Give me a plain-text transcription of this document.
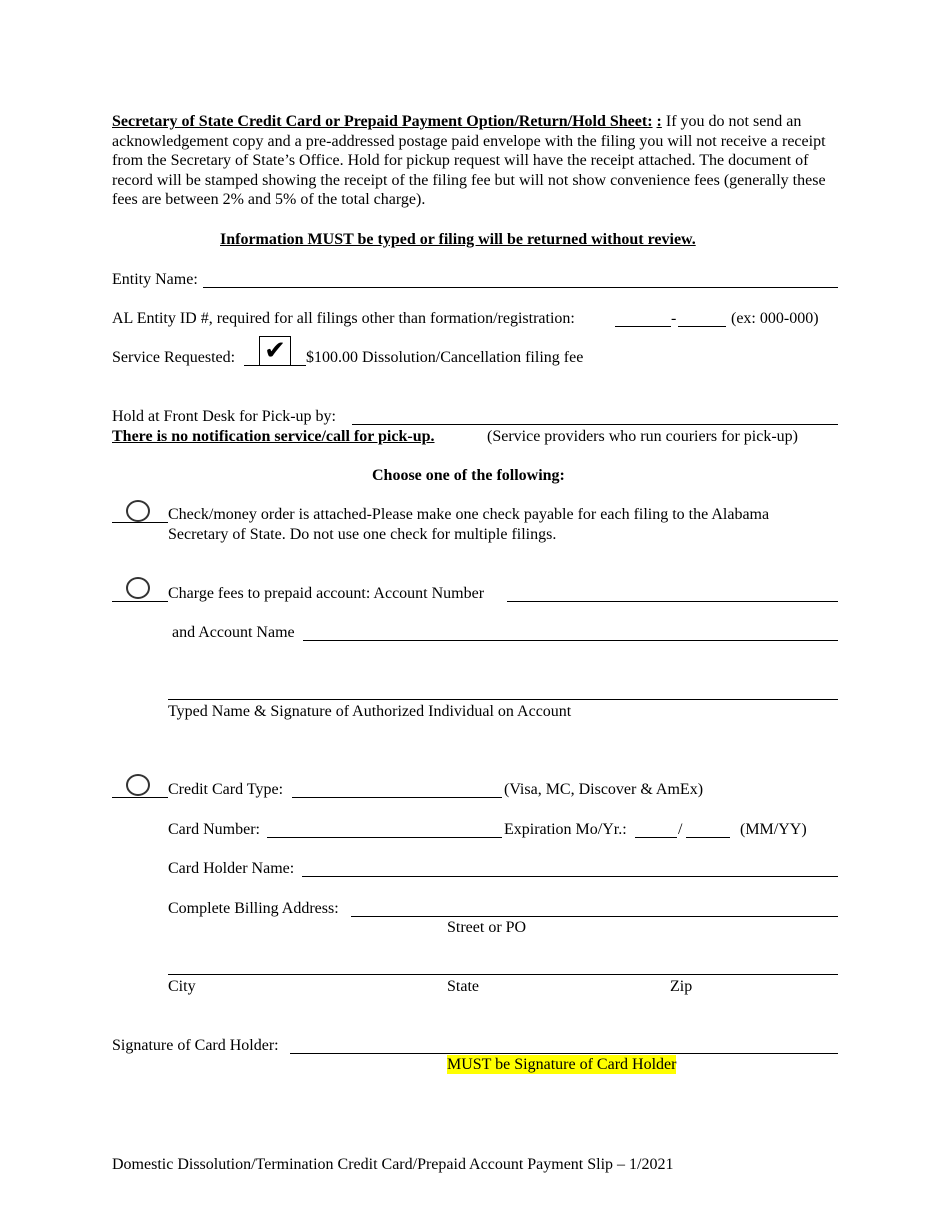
Secretary of State Credit Card or Prepaid Payment Option/Return/Hold Sheet: : If you do not send an acknowledgement copy and a pre-addressed postage paid envelope with the filing you will not receive a receipt from the Secretary of State’s Office. Hold for pickup request will have the receipt attached. The document of record will be stamped showing the receipt of the filing fee but will not show convenience fees (generally these fees are between 2% and 5% of the total charge).
Information MUST be typed or filing will be returned without review.
Entity Name:
AL Entity ID #, required for all filings other than formation/registration:	-	(ex: 000-000)
Service Requested: ✔	$100.00 Dissolution/Cancellation filing fee
Hold at Front Desk for Pick-up by:
There is no notification service/call for pick-up.	(Service providers who run couriers for pick-up)
Choose one of the following:
Check/money order is attached-Please make one check payable for each filing to the Alabama
Secretary of State. Do not use one check for multiple filings.
Charge fees to prepaid account: Account Number
and Account Name
Typed Name & Signature of Authorized Individual on Account
Credit Card Type:	(Visa, MC, Discover & AmEx)
Card Number:	Expiration Mo/Yr.:	/	(MM/YY)
Card Holder Name:
Complete Billing Address:
Street or PO
City	State	Zip
Signature of Card Holder:
MUST be Signature of Card Holder
Domestic Dissolution/Termination Credit Card/Prepaid Account Payment Slip – 1/2021
